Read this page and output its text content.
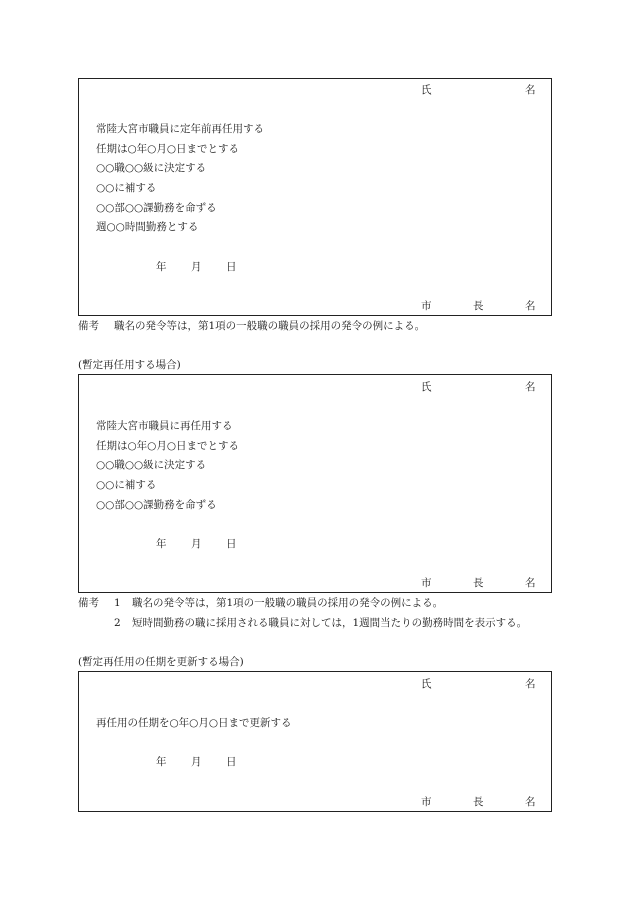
氏	名
常陸大宮市職員に定年前再任用する
任期は○年○月○日までとする
○○職○○級に決定する
○○に補する
○○部○○課勤務を命ずる
週○○時間勤務とする
年 月 日
市	長	名
備考 職名の発令等は，第1項の一般職の職員の採用の発令の例による。
(暫定再任用する場合)
氏	名
常陸大宮市職員に再任用する
任期は○年○月○日までとする
○○職○○級に決定する
○○に補する
○○部○○課勤務を命ずる
年 月 日
市	長	名
備考 1 職名の発令等は，第1項の一般職の職員の採用の発令の例による。
2 短時間勤務の職に採用される職員に対しては，1週間当たりの勤務時間を表示する。
(暫定再任用の任期を更新する場合)
氏	名
再任用の任期を○年○月○日まで更新する
年 月 日
市	長	名
